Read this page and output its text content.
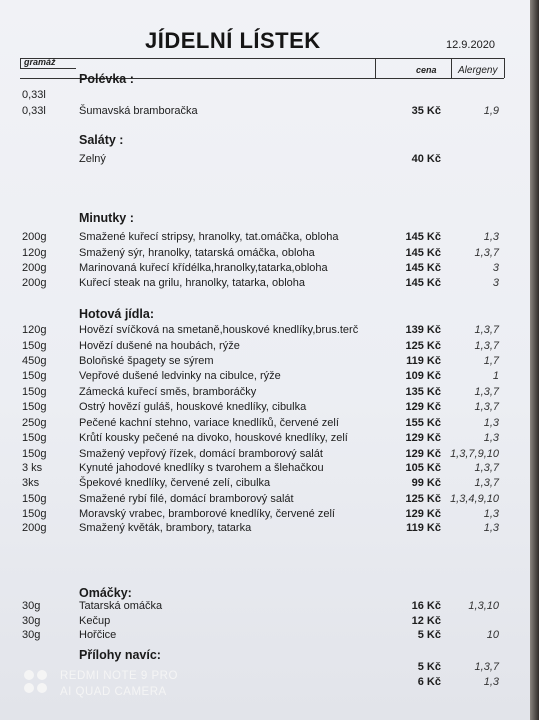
JÍDELNÍ LÍSTEK	12.9.2020
gramáž
cena Alergeny
Polévka :
0,33l
0,33l	Šumavská bramboračka	35 Kč	1,9
Saláty :
Zelný	40 Kč
Minutky :
200g	Smažené kuřecí stripsy, hranolky, tat.omáčka, obloha	145 Kč	1,3
120g	Smažený sýr, hranolky, tatarská omáčka, obloha	145 Kč	1,3,7
200g	Marinovaná kuřecí křídélka,hranolky,tatarka,obloha	145 Kč	3
200g	Kuřecí steak na grilu, hranolky, tatarka, obloha	145 Kč	3
Hotová jídla:
120g	Hovězí svíčková na smetaně,houskové knedlíky,brus.terč	139 Kč	1,3,7
150g	Hovězí dušené na houbách, rýže	125 Kč	1,3,7
450g	Boloňské špagety se sýrem	119 Kč	1,7
150g	Vepřové dušené ledvinky na cibulce, rýže	109 Kč	1
150g	Zámecká kuřecí směs, bramboráčky	135 Kč	1,3,7
150g	Ostrý hovězí guláš, houskové knedlíky, cibulka	129 Kč	1,3,7
250g	Pečené kachní stehno, variace knedlíků, červené zelí	155 Kč	1,3
150g	Krůtí kousky pečené na divoko, houskové knedlíky, zelí	129 Kč	1,3
150g	Smažený vepřový řízek, domácí bramborový salát	129 Kč 1,3,7,9,10
3 ks	Kynuté jahodové knedlíky s tvarohem a šlehačkou	105 Kč	1,3,7
3ks	Špekové knedlíky, červené zelí, cibulka	99 Kč	1,3,7
150g	Smažené rybí filé, domácí bramborový salát	125 Kč 1,3,4,9,10
150g	Moravský vrabec, bramborové knedlíky, červené zelí	129 Kč	1,3
200g	Smažený květák, brambory, tatarka	119 Kč	1,3
Omáčky:
30g	Tatarská omáčka	16 Kč 1,3,10
30g	Kečup	12 Kč
30g	Hořčice	5 Kč	10
Přílohy navíc:
5 Kč	1,3,7
6 Kč	1,3
REDMI NOTE 9 PRO
AI QUAD CAMERA
